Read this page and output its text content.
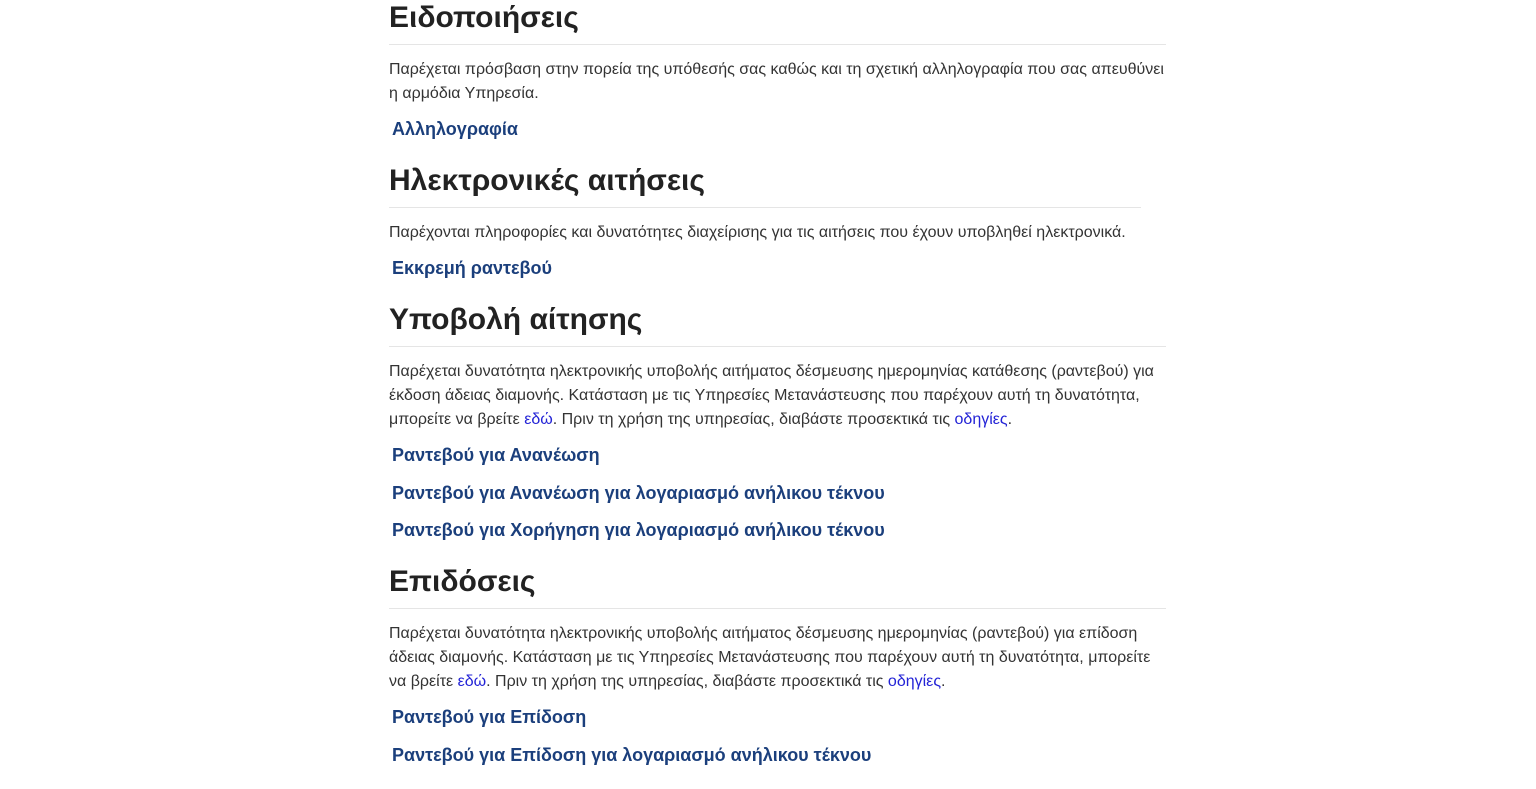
Ειδοποιήσεις

Παρέχεται πρόσβαση στην πορεία της υπόθεσής σας καθώς και τη σχετική αλληλογραφία που σας απευθύνει η αρμόδια Υπηρεσία.

Αλληλογραφία
Ηλεκτρονικές αιτήσεις

Παρέχονται πληροφορίες και δυνατότητες διαχείρισης για τις αιτήσεις που έχουν υποβληθεί ηλεκτρονικά.

Εκκρεμή ραντεβού
Υποβολή αίτησης

Παρέχεται δυνατότητα ηλεκτρονικής υποβολής αιτήματος δέσμευσης ημερομηνίας κατάθεσης (ραντεβού) για έκδοση άδειας διαμονής. Κατάσταση με τις Υπηρεσίες Μετανάστευσης που παρέχουν αυτή τη δυνατότητα, μπορείτε να βρείτε εδώ. Πριν τη χρήση της υπηρεσίας, διαβάστε προσεκτικά τις οδηγίες.

Ραντεβού για Ανανέωση
Ραντεβού για Ανανέωση για λογαριασμό ανήλικου τέκνου
Ραντεβού για Χορήγηση για λογαριασμό ανήλικου τέκνου
Επιδόσεις

Παρέχεται δυνατότητα ηλεκτρονικής υποβολής αιτήματος δέσμευσης ημερομηνίας (ραντεβού) για επίδοση άδειας διαμονής. Κατάσταση με τις Υπηρεσίες Μετανάστευσης που παρέχουν αυτή τη δυνατότητα, μπορείτε να βρείτε εδώ. Πριν τη χρήση της υπηρεσίας, διαβάστε προσεκτικά τις οδηγίες.

Ραντεβού για Επίδοση
Ραντεβού για Επίδοση για λογαριασμό ανήλικου τέκνου
